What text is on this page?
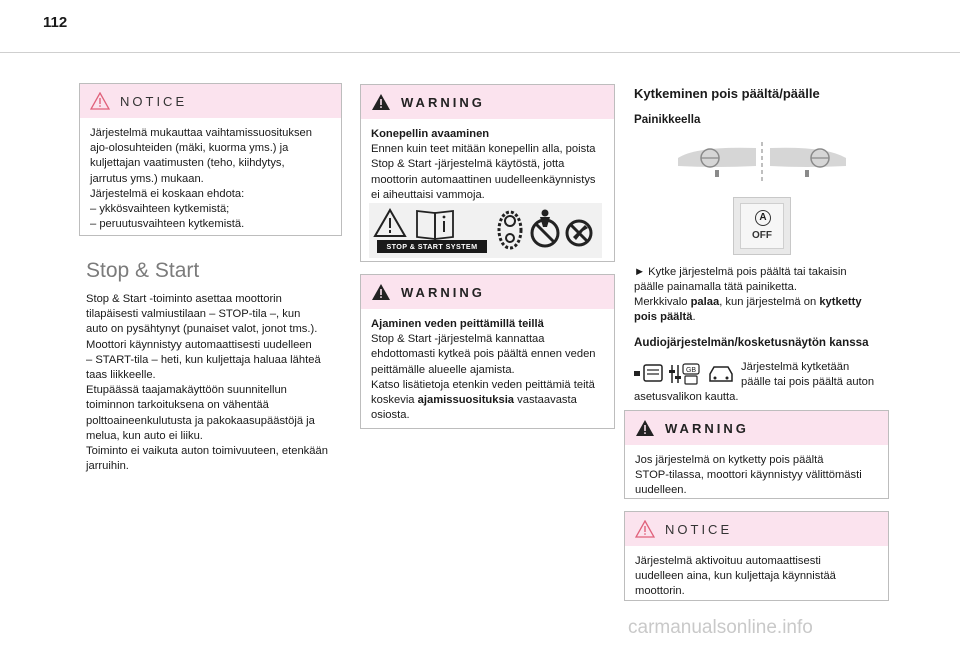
112
NOTICE

Järjestelmä mukauttaa vaihtamissuosituksen
ajo-olosuhteiden (mäki, kuorma yms.) ja
kuljettajan vaatimusten (teho, kiihdytys,
jarrutus yms.) mukaan.
Järjestelmä ei koskaan ehdota:
– ykkösvaihteen kytkemistä;
– peruutusvaihteen kytkemistä.

Stop & Start
Stop & Start -toiminto asettaa moottorin
tilapäisesti valmiustilaan – STOP-tila –, kun
auto on pysähtynyt (punaiset valot, jonot tms.).
Moottori käynnistyy automaattisesti uudelleen
– START-tila – heti, kun kuljettaja haluaa lähteä
taas liikkeelle.
Etupäässä taajamakäyttöön suunnitellun
toiminnon tarkoituksena on vähentää
polttoaineenkulutusta ja pakokaasupäästöjä ja
melua, kun auto ei liiku.
Toiminto ei vaikuta auton toimivuuteen, etenkään
jarruihin.
WARNING

Konepellin avaaminen

Ennen kuin teet mitään konepellin alla, poista
Stop & Start -järjestelmä käytöstä, jotta
moottorin automaattinen uudelleenkäynnistys
ei aiheuttaisi vammoja.

STOP & START SYSTEM
WARNING

Ajaminen veden peittämillä teillä

Stop & Start -järjestelmä kannattaa
ehdottomasti kytkeä pois päältä ennen veden
peittämälle alueelle ajamista.
Katso lisätietoja etenkin veden peittämiä teitä
koskevia ajamissuosituksia vastaavasta
osiosta.

Kytkeminen pois päältä/päälle
Painikkeella
A
OFF
► Kytke järjestelmä pois päältä tai takaisin
päälle painamalla tätä painiketta.
Merkkivalo palaa, kun järjestelmä on kytketty
pois päältä.
Audiojärjestelmän/kosketusnäytön kanssa
GB	Järjestelmä kytketään
päälle tai pois päältä auton
asetusvalikon kautta.
WARNING

Jos järjestelmä on kytketty pois päältä
STOP-tilassa, moottori käynnistyy välittömästi
uudelleen.

NOTICE

Järjestelmä aktivoituu automaattisesti
uudelleen aina, kun kuljettaja käynnistää
moottorin.

carmanualsonline.info
